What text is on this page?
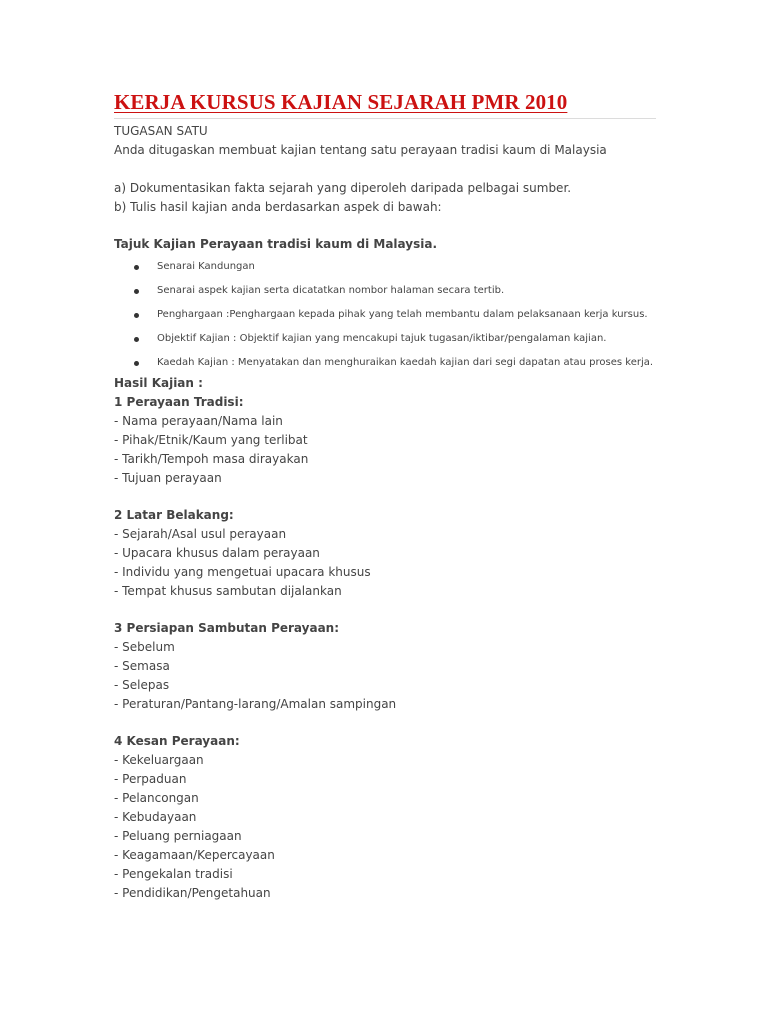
KERJA KURSUS KAJIAN SEJARAH PMR 2010

TUGASAN SATU

Anda ditugaskan membuat kajian tentang satu perayaan tradisi kaum di Malaysia

a) Dokumentasikan fakta sejarah yang diperoleh daripada pelbagai sumber.

b) Tulis hasil kajian anda berdasarkan aspek di bawah:

Tajuk Kajian Perayaan tradisi kaum di Malaysia.

Senarai Kandungan
Senarai aspek kajian serta dicatatkan nombor halaman secara tertib.
Penghargaan :Penghargaan kepada pihak yang telah membantu dalam pelaksanaan kerja kursus.
Objektif Kajian : Objektif kajian yang mencakupi tajuk tugasan/iktibar/pengalaman kajian.
Kaedah Kajian : Menyatakan dan menghuraikan kaedah kajian dari segi dapatan atau proses kerja.

Hasil Kajian :

1 Perayaan Tradisi:

- Nama perayaan/Nama lain

- Pihak/Etnik/Kaum yang terlibat

- Tarikh/Tempoh masa dirayakan

- Tujuan perayaan

2 Latar Belakang:

- Sejarah/Asal usul perayaan

- Upacara khusus dalam perayaan

- Individu yang mengetuai upacara khusus

- Tempat khusus sambutan dijalankan

3 Persiapan Sambutan Perayaan:

- Sebelum

- Semasa

- Selepas

- Peraturan/Pantang-larang/Amalan sampingan

4 Kesan Perayaan:

- Kekeluargaan

- Perpaduan

- Pelancongan

- Kebudayaan

- Peluang perniagaan

- Keagamaan/Kepercayaan

- Pengekalan tradisi

- Pendidikan/Pengetahuan
